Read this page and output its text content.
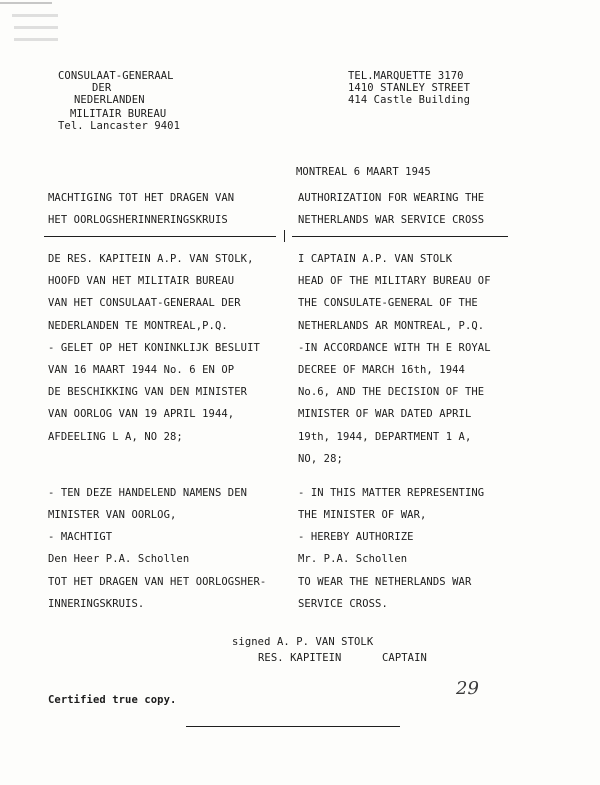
CONSULAAT-GENERAAL
DER
NEDERLANDEN
MILITAIR BUREAU
Tel. Lancaster 9401
TEL.MARQUETTE 3170
1410 STANLEY STREET
414 Castle Building
MONTREAL 6 MAART 1945
MACHTIGING TOT HET DRAGEN VAN
HET OORLOGSHERINNERINGSKRUIS
AUTHORIZATION FOR WEARING THE
NETHERLANDS WAR SERVICE CROSS
DE RES. KAPITEIN A.P. VAN STOLK,
HOOFD VAN HET MILITAIR BUREAU
VAN HET CONSULAAT-GENERAAL DER
NEDERLANDEN TE MONTREAL,P.Q.
- GELET OP HET KONINKLIJK BESLUIT
VAN 16 MAART 1944 No. 6 EN OP
DE BESCHIKKING VAN DEN MINISTER
VAN OORLOG VAN 19 APRIL 1944,
AFDEELING L A, NO 28;
- TEN DEZE HANDELEND NAMENS DEN
MINISTER VAN OORLOG,
- MACHTIGT
Den Heer P.A. Schollen
TOT HET DRAGEN VAN HET OORLOGSHER-
INNERINGSKRUIS.
I CAPTAIN A.P. VAN STOLK
HEAD OF THE MILITARY BUREAU OF
THE CONSULATE-GENERAL OF THE
NETHERLANDS AR MONTREAL, P.Q.
-IN ACCORDANCE WITH TH E ROYAL
DECREE OF MARCH 16th, 1944
No.6, AND THE DECISION OF THE
MINISTER OF WAR DATED APRIL
19th, 1944, DEPARTMENT 1 A,
NO, 28;
- IN THIS MATTER REPRESENTING
THE MINISTER OF WAR,
- HEREBY AUTHORIZE
Mr. P.A. Schollen
TO WEAR THE NETHERLANDS WAR
SERVICE CROSS.
signed A. P. VAN STOLK
RES. KAPITEIN	CAPTAIN
29
Certified true copy.
